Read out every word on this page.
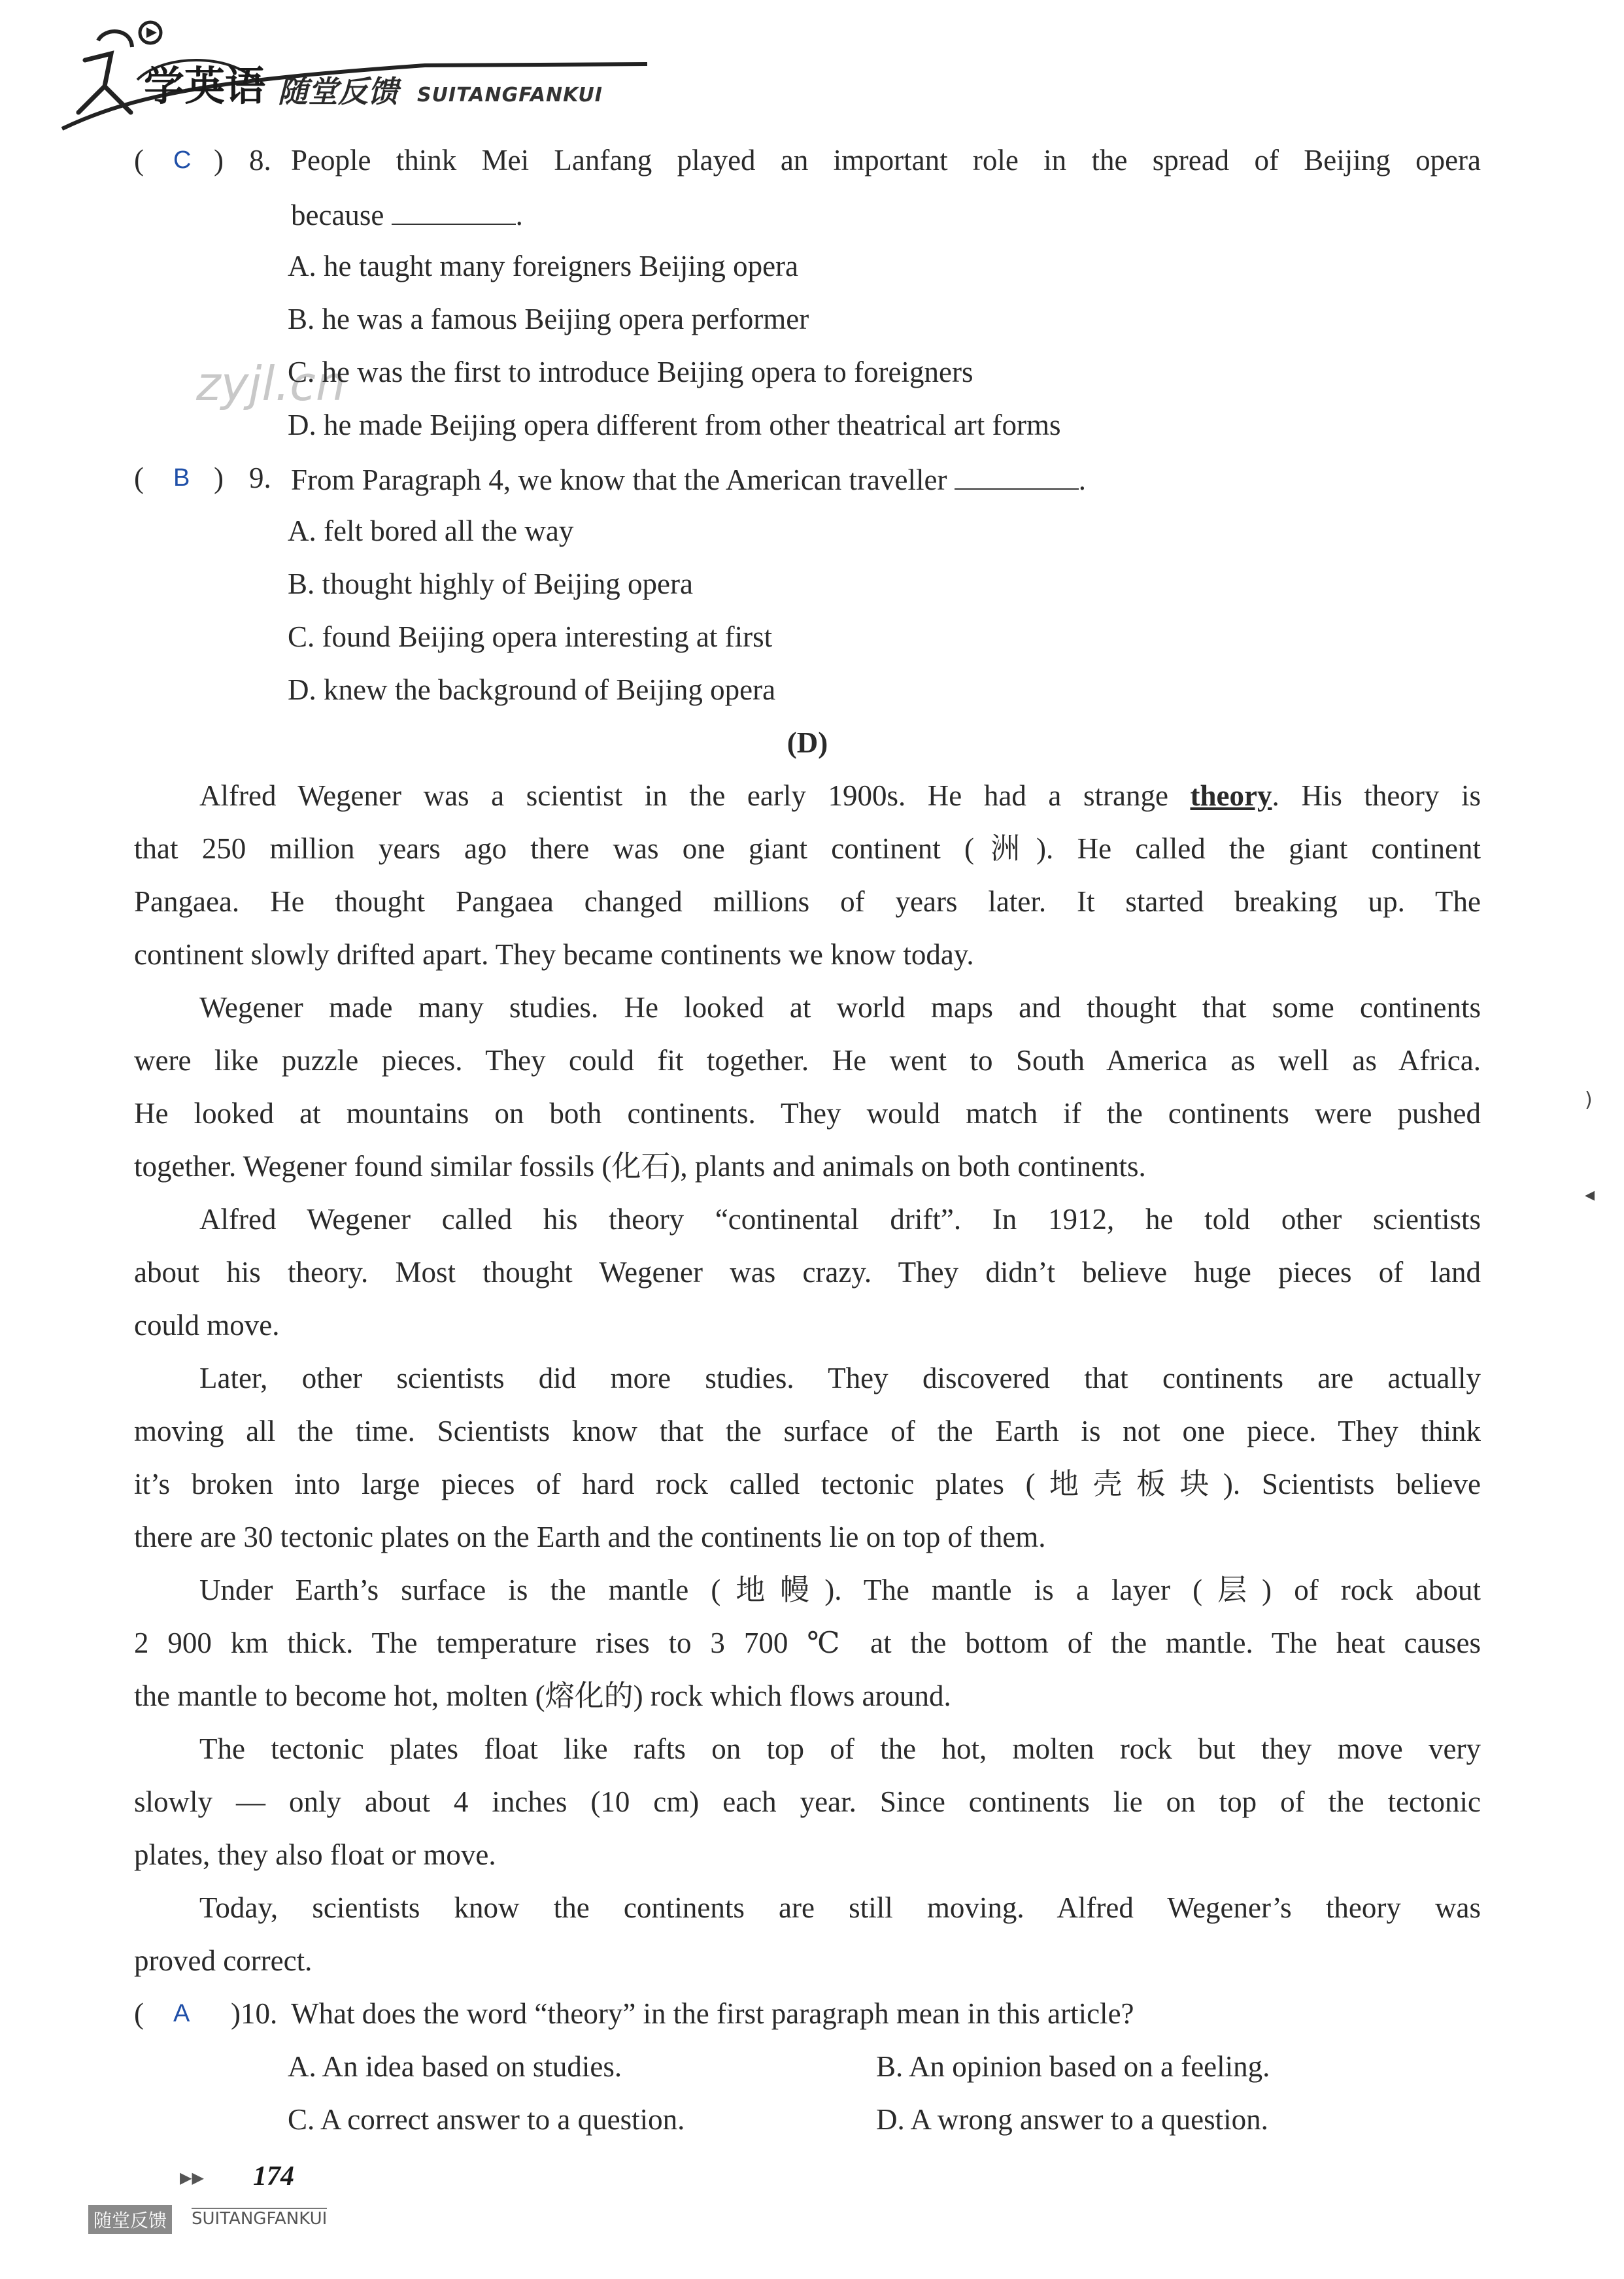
学英语 随堂反馈 SUITANGFANKUI
zyjl.cn
)
◂
( C ) 8. People think Mei Lanfang played an important role in the spread of Beijing opera
because	.
A. he taught many foreigners Beijing opera
B. he was a famous Beijing opera performer
C. he was the first to introduce Beijing opera to foreigners
D. he made Beijing opera different from other theatrical art forms
( B ) 9. From Paragraph 4, we know that the American traveller	.
A. felt bored all the way
B. thought highly of Beijing opera
C. found Beijing opera interesting at first
D. knew the background of Beijing opera
(D)
Alfred Wegener was a scientist in the early 1900s. He had a strange theory. His theory is
that 250 million years ago there was one giant continent (洲). He called the giant continent
Pangaea. He thought Pangaea changed millions of years later. It started breaking up. The
continent slowly drifted apart. They became continents we know today.
Wegener made many studies. He looked at world maps and thought that some continents
were like puzzle pieces. They could fit together. He went to South America as well as Africa.
He looked at mountains on both continents. They would match if the continents were pushed
together. Wegener found similar fossils (化石), plants and animals on both continents.
Alfred Wegener called his theory “continental drift”. In 1912, he told other scientists
about his theory. Most thought Wegener was crazy. They didn’t believe huge pieces of land
could move.
Later, other scientists did more studies. They discovered that continents are actually
moving all the time. Scientists know that the surface of the Earth is not one piece. They think
it’s broken into large pieces of hard rock called tectonic plates (地壳板块). Scientists believe
there are 30 tectonic plates on the Earth and the continents lie on top of them.
Under Earth’s surface is the mantle (地幔). The mantle is a layer (层) of rock about
2 900 km thick. The temperature rises to 3 700 ℃ at the bottom of the mantle. The heat causes
the mantle to become hot, molten (熔化的) rock which flows around.
The tectonic plates float like rafts on top of the hot, molten rock but they move very
slowly — only about 4 inches (10 cm) each year. Since continents lie on top of the tectonic
plates, they also float or move.
Today, scientists know the continents are still moving. Alfred Wegener’s theory was
proved correct.
( A )10. What does the word “theory” in the first paragraph mean in this article?
A. An idea based on studies.	B. An opinion based on a feeling.
C. A correct answer to a question.	D. A wrong answer to a question.
▶▶ 174
随堂反馈	SUITANGFANKUI
